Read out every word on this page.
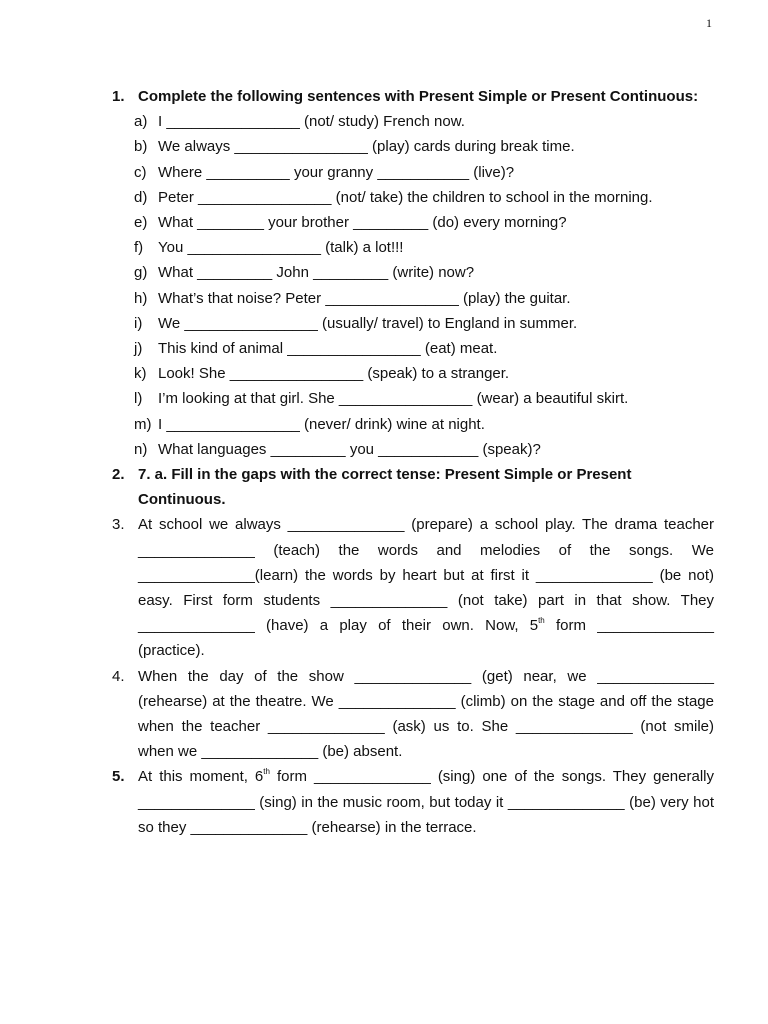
1
1. Complete the following sentences with Present Simple or Present Continuous:
a) I ________________ (not/ study) French now.
b) We always ________________ (play) cards during break time.
c) Where __________ your granny ___________ (live)?
d) Peter ________________ (not/ take) the children to school in the morning.
e) What ________ your brother _________ (do) every morning?
f) You ________________ (talk) a lot!!!
g) What _________ John _________ (write) now?
h) What’s that noise? Peter ________________ (play) the guitar.
i) We ________________ (usually/ travel) to England in summer.
j) This kind of animal ________________ (eat) meat.
k) Look! She ________________ (speak) to a stranger.
l) I’m looking at that girl. She ________________ (wear) a beautiful skirt.
m) I ________________ (never/ drink) wine at night.
n) What languages _________ you ____________ (speak)?
2. 7. a. Fill in the gaps with the correct tense: Present Simple or Present Continuous.
3. At school we always ______________ (prepare) a school play. The drama teacher ______________ (teach) the words and melodies of the songs. We ______________(learn) the words by heart but at first it ______________ (be not) easy. First form students ______________ (not take) part in that show. They ______________ (have) a play of their own. Now, 5th form ______________ (practice).
4. When the day of the show ______________ (get) near, we ______________ (rehearse) at the theatre. We ______________ (climb) on the stage and off the stage when the teacher ______________ (ask) us to. She ______________ (not smile) when we ______________ (be) absent.
5. At this moment, 6th form ______________ (sing) one of the songs. They generally ______________ (sing) in the music room, but today it ______________ (be) very hot so they ______________ (rehearse) in the terrace.
